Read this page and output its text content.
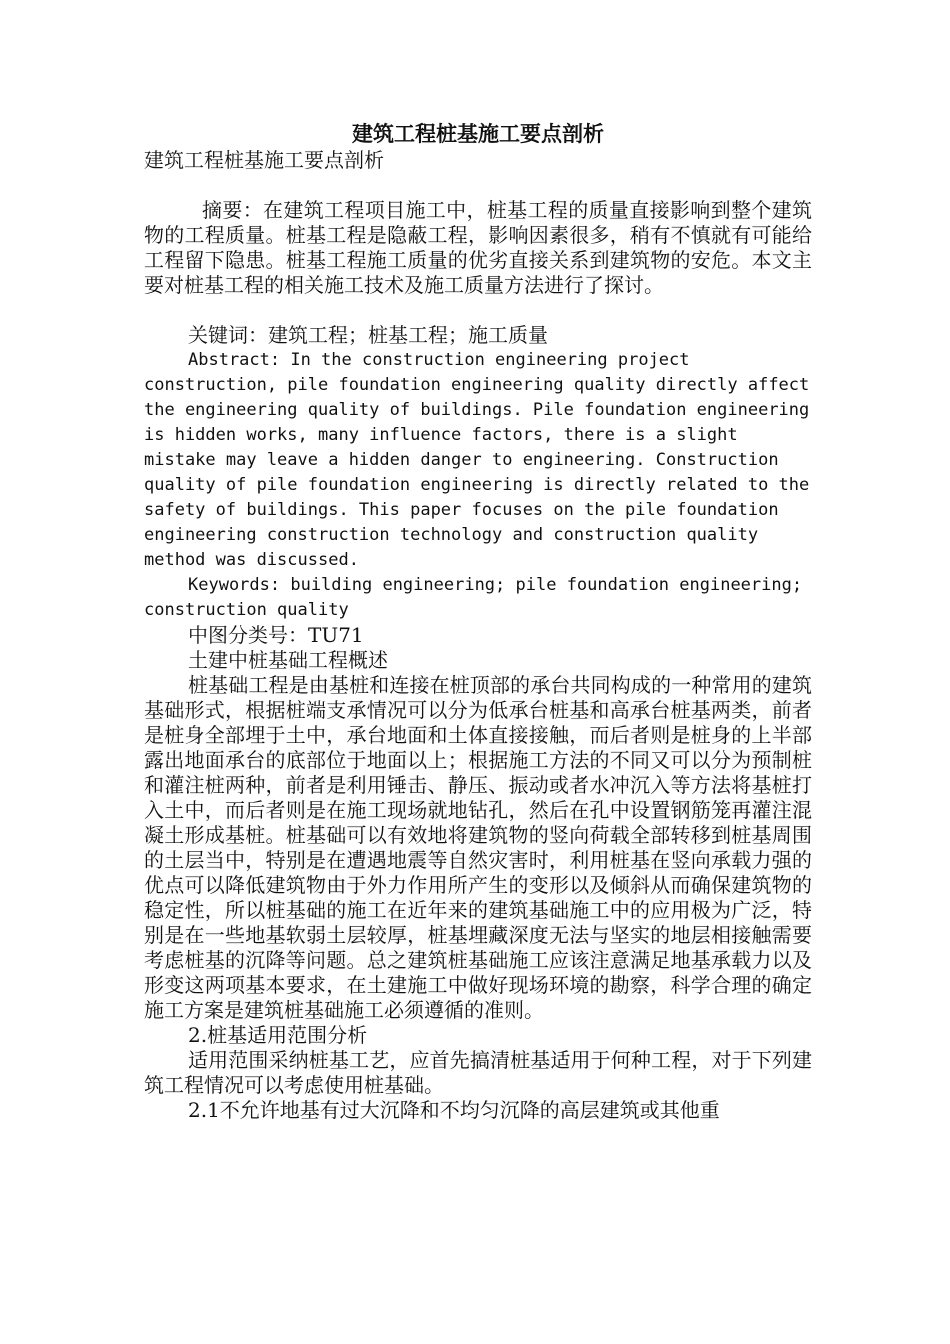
建筑工程桩基施工要点剖析

建筑工程桩基施工要点剖析

摘要：在建筑工程项目施工中，桩基工程的质量直接影响到整个建筑物的工程质量。桩基工程是隐蔽工程，影响因素很多，稍有不慎就有可能给工程留下隐患。桩基工程施工质量的优劣直接关系到建筑物的安危。本文主要对桩基工程的相关施工技术及施工质量方法进行了探讨。

关键词：建筑工程；桩基工程；施工质量

Abstract: In the construction engineering project construction, pile foundation engineering quality directly affect the engineering quality of buildings. Pile foundation engineering is hidden works, many influence factors, there is a slight mistake may leave a hidden danger to engineering. Construction quality of pile foundation engineering is directly related to the safety of buildings. This paper focuses on the pile foundation engineering construction technology and construction quality method was discussed.

Keywords: building engineering; pile foundation engineering; construction quality

中图分类号：TU71

土建中桩基础工程概述

桩基础工程是由基桩和连接在桩顶部的承台共同构成的一种常用的建筑基础形式，根据桩端支承情况可以分为低承台桩基和高承台桩基两类，前者是桩身全部埋于土中，承台地面和土体直接接触，而后者则是桩身的上半部露出地面承台的底部位于地面以上；根据施工方法的不同又可以分为预制桩和灌注桩两种，前者是利用锤击、静压、振动或者水冲沉入等方法将基桩打入土中，而后者则是在施工现场就地钻孔，然后在孔中设置钢筋笼再灌注混凝土形成基桩。桩基础可以有效地将建筑物的竖向荷载全部转移到桩基周围的土层当中，特别是在遭遇地震等自然灾害时，利用桩基在竖向承载力强的优点可以降低建筑物由于外力作用所产生的变形以及倾斜从而确保建筑物的稳定性，所以桩基础的施工在近年来的建筑基础施工中的应用极为广泛，特别是在一些地基软弱土层较厚，桩基埋藏深度无法与坚实的地层相接触需要考虑桩基的沉降等问题。总之建筑桩基础施工应该注意满足地基承载力以及形变这两项基本要求，在土建施工中做好现场环境的勘察，科学合理的确定施工方案是建筑桩基础施工必须遵循的准则。

2.桩基适用范围分析

适用范围采纳桩基工艺，应首先搞清桩基适用于何种工程，对于下列建筑工程情况可以考虑使用桩基础。

2.1不允许地基有过大沉降和不均匀沉降的高层建筑或其他重
